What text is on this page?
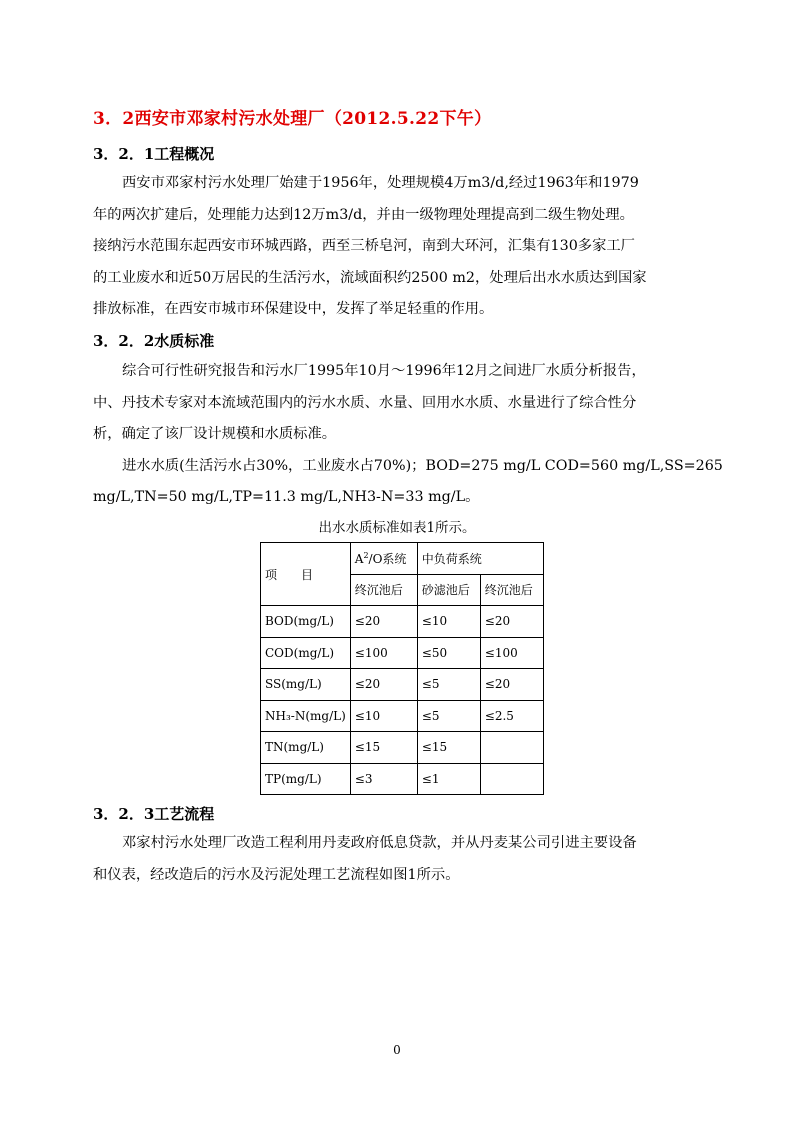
3．2西安市邓家村污水处理厂（2012.5.22下午）
3．2．1工程概况
西安市邓家村污水处理厂始建于1956年，处理规模4万m3/d,经过1963年和1979
年的两次扩建后，处理能力达到12万m3/d，并由一级物理处理提高到二级生物处理。
接纳污水范围东起西安市环城西路，西至三桥皂河，南到大环河，汇集有130多家工厂
的工业废水和近50万居民的生活污水，流域面积约2500 m2，处理后出水水质达到国家
排放标准，在西安市城市环保建设中，发挥了举足轻重的作用。
3．2．2水质标准
综合可行性研究报告和污水厂1995年10月～1996年12月之间进厂水质分析报告，
中、丹技术专家对本流域范围内的污水水质、水量、回用水水质、水量进行了综合性分
析，确定了该厂设计规模和水质标准。
进水水质(生活污水占30%，工业废水占70%)；BOD=275 mg/L COD=560 mg/L,SS=265
mg/L,TN=50 mg/L,TP=11.3 mg/L,NH3-N=33 mg/L。
出水水质标准如表1所示。
项　　目	$A^2/O$系统	中负荷系统	
	终沉池后	砂滤池后	终沉池后
BOD(mg/L)	≤20	≤10	≤20
COD(mg/L)	≤100	≤50	≤100
SS(mg/L)	≤20	≤5	≤20
NH₃-N(mg/L)	≤10	≤5	≤2.5
TN(mg/L)	≤15	≤15	
TP(mg/L)	≤3	≤1	
3．2．3工艺流程
邓家村污水处理厂改造工程利用丹麦政府低息贷款，并从丹麦某公司引进主要设备
和仪表，经改造后的污水及污泥处理工艺流程如图1所示。
0
